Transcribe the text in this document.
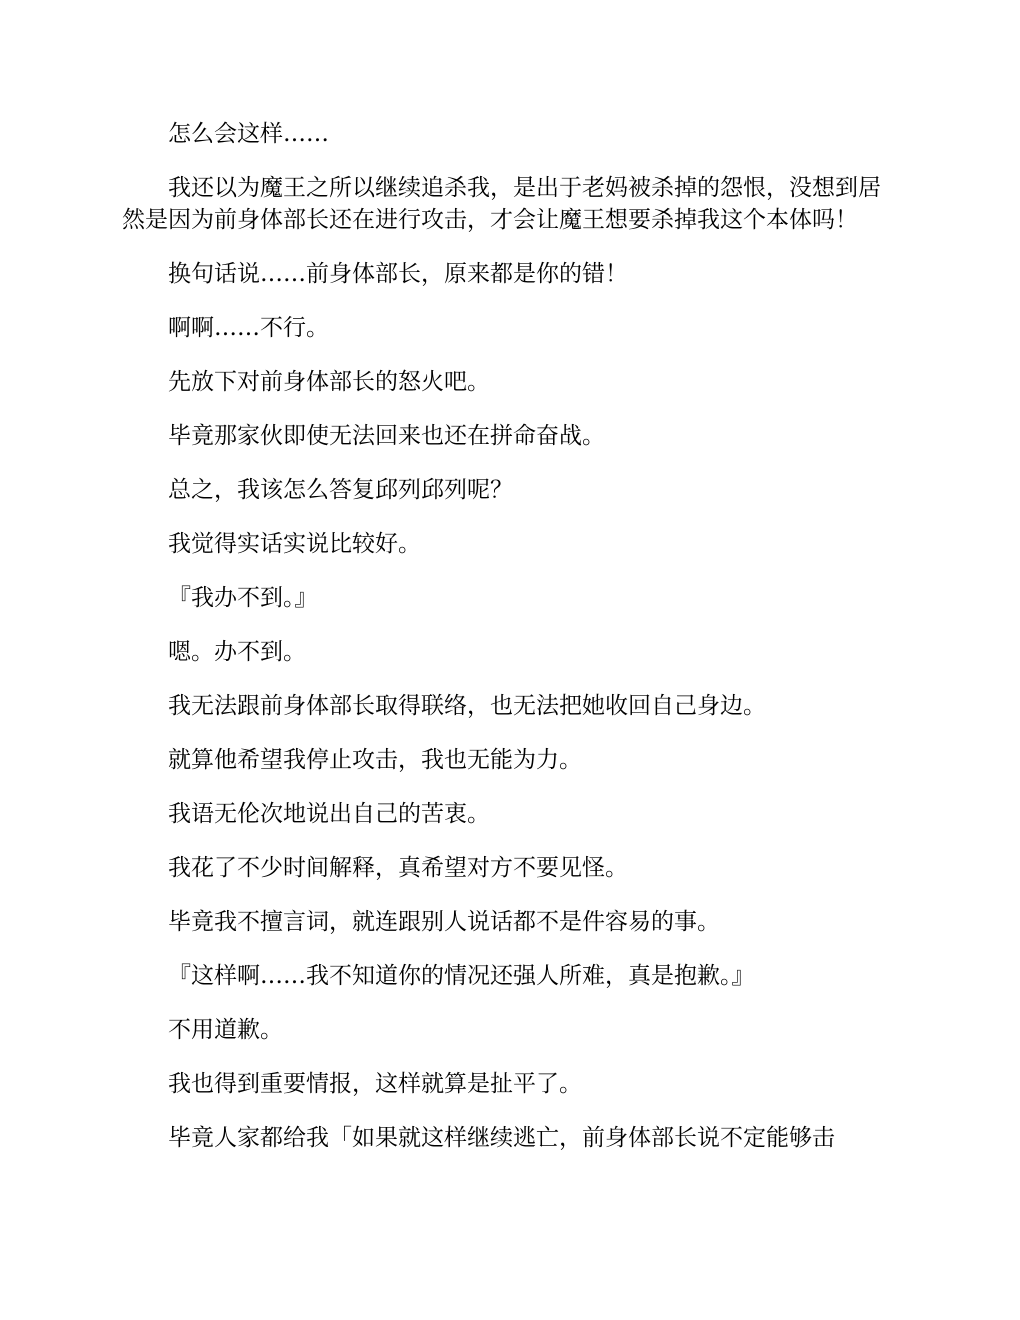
怎么会这样……

我还以为魔王之所以继续追杀我，是出于老妈被杀掉的怨恨，没想到居然是因为前身体部长还在进行攻击，才会让魔王想要杀掉我这个本体吗！

换句话说……前身体部长，原来都是你的错！

啊啊……不行。

先放下对前身体部长的怒火吧。

毕竟那家伙即使无法回来也还在拼命奋战。

总之，我该怎么答复邱列邱列呢？

我觉得实话实说比较好。

『我办不到。』

嗯。办不到。

我无法跟前身体部长取得联络，也无法把她收回自己身边。

就算他希望我停止攻击，我也无能为力。

我语无伦次地说出自己的苦衷。

我花了不少时间解释，真希望对方不要见怪。

毕竟我不擅言词，就连跟别人说话都不是件容易的事。

『这样啊……我不知道你的情况还强人所难，真是抱歉。』

不用道歉。

我也得到重要情报，这样就算是扯平了。

毕竟人家都给我「如果就这样继续逃亡，前身体部长说不定能够击
